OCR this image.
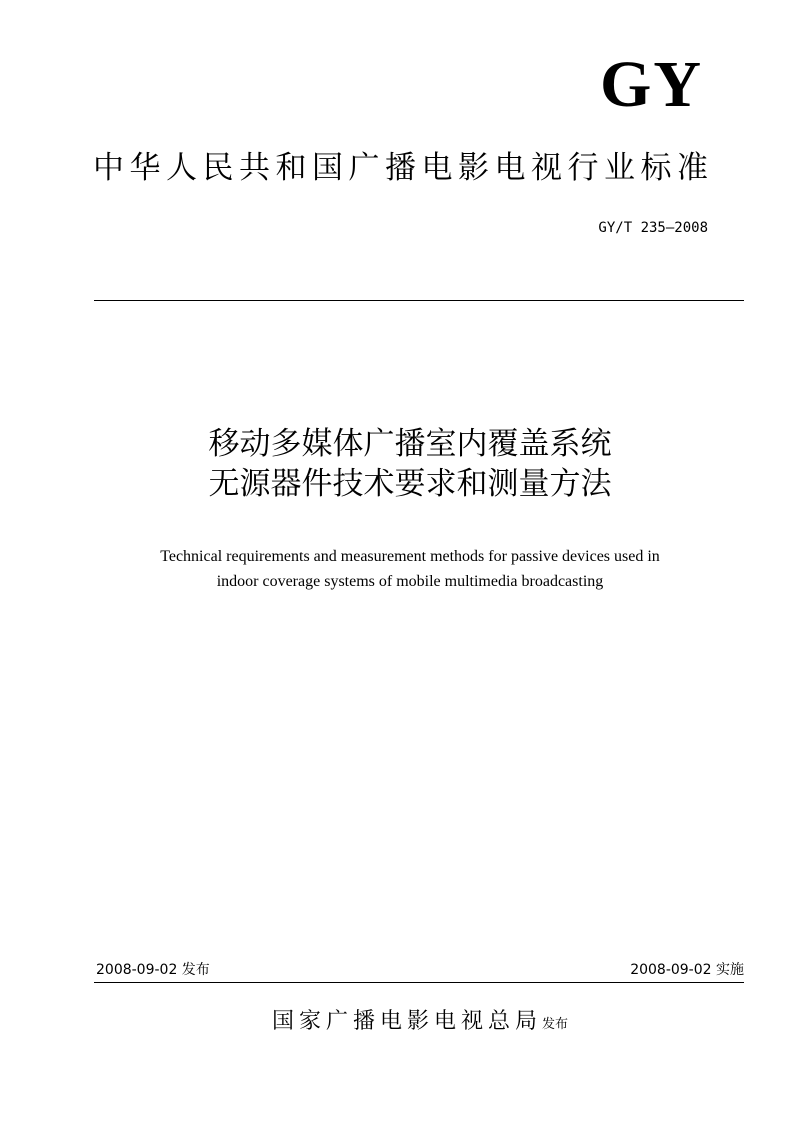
GY
中华人民共和国广播电影电视行业标准
GY/T 235—2008
移动多媒体广播室内覆盖系统
无源器件技术要求和测量方法
Technical requirements and measurement methods for passive devices used in
indoor coverage systems of mobile multimedia broadcasting
2008-09-02 发布	2008-09-02 实施
国家广播电影电视总局发布
